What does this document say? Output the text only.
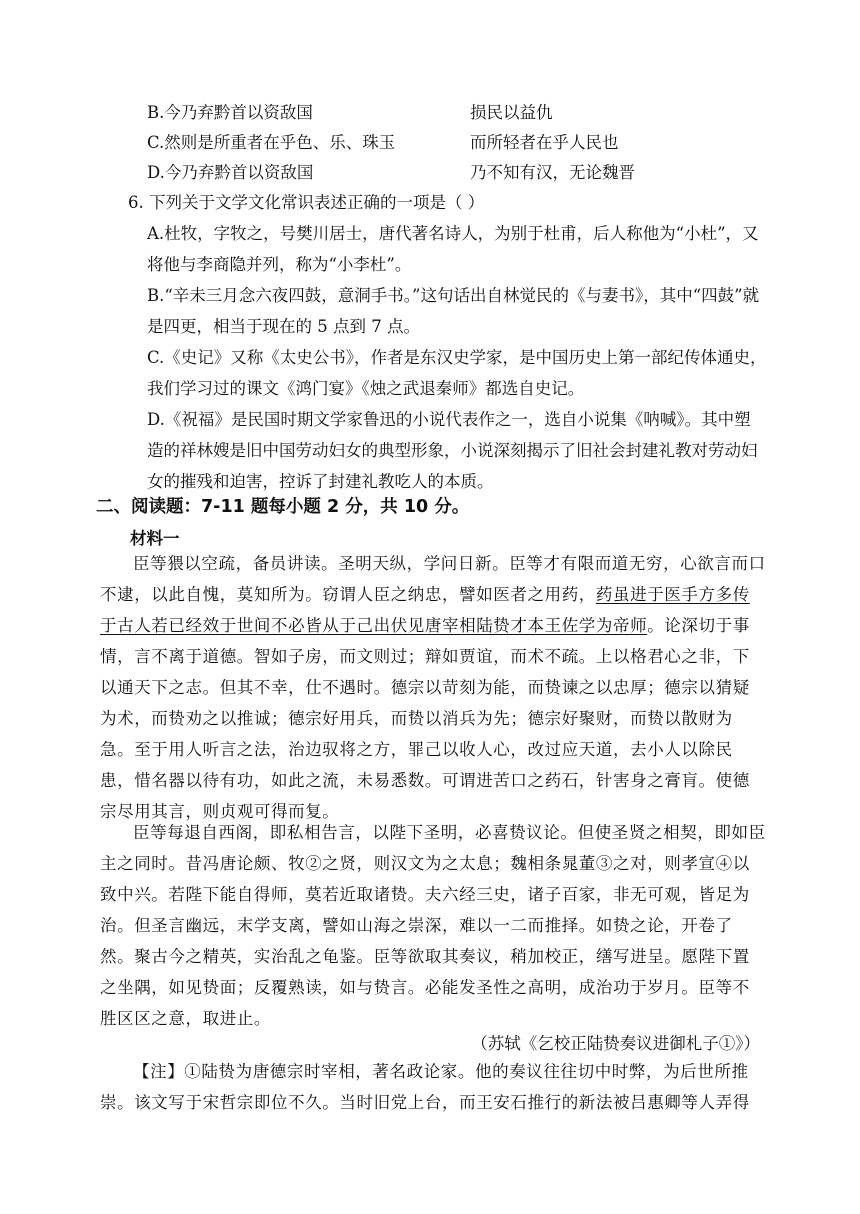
B.今乃弃黔首以资敌国	损民以益仇
C.然则是所重者在乎色、乐、珠玉	而所轻者在乎人民也
D.今乃弃黔首以资敌国	乃不知有汉，无论魏晋
6. 下列关于文学文化常识表述正确的一项是（ ）
A.杜牧，字牧之，号樊川居士，唐代著名诗人，为别于杜甫，后人称他为“小杜”，又将他与李商隐并列，称为“小李杜”。
B.“辛未三月念六夜四鼓，意洞手书。”这句话出自林觉民的《与妻书》，其中“四鼓”就是四更，相当于现在的 5 点到 7 点。
C.《史记》又称《太史公书》，作者是东汉史学家，是中国历史上第一部纪传体通史，我们学习过的课文《鸿门宴》《烛之武退秦师》都选自史记。
D.《祝福》是民国时期文学家鲁迅的小说代表作之一，选自小说集《呐喊》。其中塑造的祥林嫂是旧中国劳动妇女的典型形象，小说深刻揭示了旧社会封建礼教对劳动妇女的摧残和迫害，控诉了封建礼教吃人的本质。
二、阅读题：7-11 题每小题 2 分，共 10 分。
材料一
臣等猥以空疏，备员讲读。圣明天纵，学问日新。臣等才有限而道无穷，心欲言而口不逮，以此自愧，莫知所为。窃谓人臣之纳忠，譬如医者之用药，药虽进于医手方多传于古人若已经效于世间不必皆从于己出伏见唐宰相陆贽才本王佐学为帝师。论深切于事情，言不离于道德。智如子房，而文则过；辩如贾谊，而术不疏。上以格君心之非，下以通天下之志。但其不幸，仕不遇时。德宗以苛刻为能，而贽谏之以忠厚；德宗以猜疑为术，而贽劝之以推诚；德宗好用兵，而贽以消兵为先；德宗好聚财，而贽以散财为急。至于用人听言之法，治边驭将之方，罪己以收人心，改过应天道，去小人以除民患，惜名器以待有功，如此之流，未易悉数。可谓进苦口之药石，针害身之膏肓。使德宗尽用其言，则贞观可得而复。
臣等每退自西阁，即私相告言，以陛下圣明，必喜贽议论。但使圣贤之相契，即如臣主之同时。昔冯唐论颇、牧②之贤，则汉文为之太息；魏相条晁董③之对，则孝宣④以致中兴。若陛下能自得师，莫若近取诸贽。夫六经三史，诸子百家，非无可观，皆足为治。但圣言幽远，末学支离，譬如山海之崇深，难以一二而推择。如贽之论，开卷了然。聚古今之精英，实治乱之龟鉴。臣等欲取其奏议，稍加校正，缮写进呈。愿陛下置之坐隅，如见贽面；反覆熟读，如与贽言。必能发圣性之高明，成治功于岁月。臣等不胜区区之意，取进止。
（苏轼《乞校正陆贽奏议进御札子①》）
【注】①陆贽为唐德宗时宰相，著名政论家。他的奏议往往切中时弊，为后世所推崇。该文写于宋哲宗即位不久。当时旧党上台，而王安石推行的新法被吕惠卿等人弄得
